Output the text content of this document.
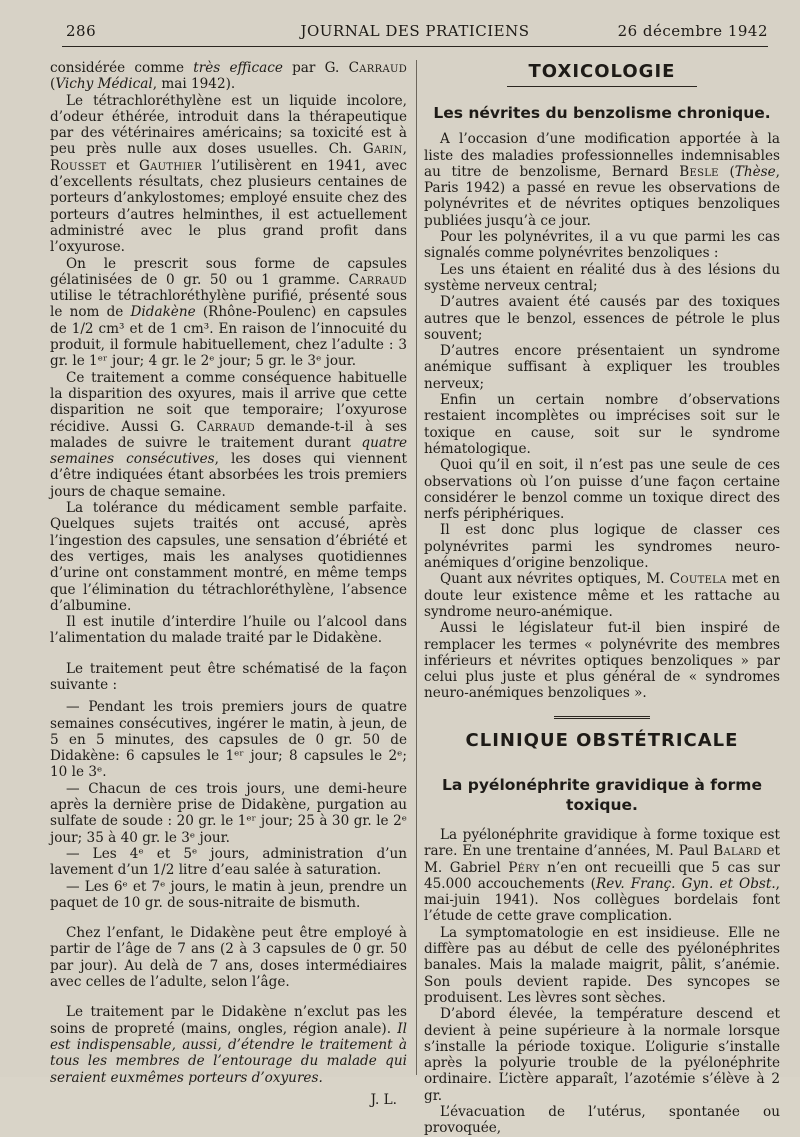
286	JOURNAL DES PRATICIENS	26 décembre 1942

considérée comme très efficace par G. Carraud (Vichy Médical, mai 1942).

Le tétrachloréthylène est un liquide incolore, d’odeur éthérée, introduit dans la thérapeutique par des vétérinaires américains; sa toxicité est à peu près nulle aux doses usuelles. Ch. Garin, Rousset et Gauthier l’utilisèrent en 1941, avec d’excellents résultats, chez plusieurs centaines de porteurs d’ankylostomes; employé ensuite chez des porteurs d’autres helminthes, il est actuellement administré avec le plus grand profit dans l’oxyurose.

On le prescrit sous forme de capsules gélatinisées de 0 gr. 50 ou 1 gramme. Carraud utilise le tétrachloréthylène purifié, présenté sous le nom de Didakène (Rhône-Poulenc) en capsules de 1/2 cm³ et de 1 cm³. En raison de l’innocuité du produit, il formule habituellement, chez l’adulte : 3 gr. le 1ᵉʳ jour; 4 gr. le 2ᵉ jour; 5 gr. le 3ᵉ jour.

Ce traitement a comme conséquence habituelle la disparition des oxyures, mais il arrive que cette disparition ne soit que temporaire; l’oxyurose récidive. Aussi G. Carraud demande-t-il à ses malades de suivre le traitement durant quatre semaines consécutives, les doses qui viennent d’être indiquées étant absorbées les trois premiers jours de chaque semaine.

La tolérance du médicament semble parfaite. Quelques sujets traités ont accusé, après l’ingestion des capsules, une sensation d’ébriété et des vertiges, mais les analyses quotidiennes d’urine ont constamment montré, en même temps que l’élimination du tétrachloréthylène, l’absence d’albumine.

Il est inutile d’interdire l’huile ou l’alcool dans l’alimentation du malade traité par le Didakène.

Le traitement peut être schématisé de la façon suivante :

— Pendant les trois premiers jours de quatre semaines consécutives, ingérer le matin, à jeun, de 5 en 5 minutes, des capsules de 0 gr. 50 de Didakène: 6 capsules le 1ᵉʳ jour; 8 capsules le 2ᵉ; 10 le 3ᵉ.

— Chacun de ces trois jours, une demi-heure après la dernière prise de Didakène, purgation au sulfate de soude : 20 gr. le 1ᵉʳ jour; 25 à 30 gr. le 2ᵉ jour; 35 à 40 gr. le 3ᵉ jour.

— Les 4ᵉ et 5ᵉ jours, administration d’un lavement d’un 1/2 litre d’eau salée à saturation.

— Les 6ᵉ et 7ᵉ jours, le matin à jeun, prendre un paquet de 10 gr. de sous-nitraite de bismuth.

Chez l’enfant, le Didakène peut être employé à partir de l’âge de 7 ans (2 à 3 capsules de 0 gr. 50 par jour). Au delà de 7 ans, doses intermédiaires avec celles de l’adulte, selon l’âge.

Le traitement par le Didakène n’exclut pas les soins de propreté (mains, ongles, région anale). Il est indispensable, aussi, d’étendre le traitement à tous les membres de l’entourage du malade qui seraient euxmêmes porteurs d’oxyures.

J. L.

TOXICOLOGIE
Les névrites du benzolisme chronique.

A l’occasion d’une modification apportée à la liste des maladies professionnelles indemnisables au titre de benzolisme, Bernard Besle (Thèse, Paris 1942) a passé en revue les observations de polynévrites et de névrites optiques benzoliques publiées jusqu’à ce jour.

Pour les polynévrites, il a vu que parmi les cas signalés comme polynévrites benzoliques :

Les uns étaient en réalité dus à des lésions du système nerveux central;

D’autres avaient été causés par des toxiques autres que le benzol, essences de pétrole le plus souvent;

D’autres encore présentaient un syndrome anémique suffisant à expliquer les troubles nerveux;

Enfin un certain nombre d’observations restaient incomplètes ou imprécises soit sur le toxique en cause, soit sur le syndrome hématologique.

Quoi qu’il en soit, il n’est pas une seule de ces observations où l’on puisse d’une façon certaine considérer le benzol comme un toxique direct des nerfs périphériques.

Il est donc plus logique de classer ces polynévrites parmi les syndromes neuro-anémiques d’origine benzolique.

Quant aux névrites optiques, M. Coutela met en doute leur existence même et les rattache au syndrome neuro-anémique.

Aussi le législateur fut-il bien inspiré de remplacer les termes « polynévrite des membres inférieurs et névrites optiques benzoliques » par celui plus juste et plus général de « syndromes neuro-anémiques benzoliques ».

CLINIQUE OBSTÉTRICALE
La pyélonéphrite gravidique à forme toxique.

La pyélonéphrite gravidique à forme toxique est rare. En une trentaine d’années, M. Paul Balard et M. Gabriel Péry n’en ont recueilli que 5 cas sur 45.000 accouchements (Rev. Franç. Gyn. et Obst., mai-juin 1941). Nos collègues bordelais font l’étude de cette grave complication.

La symptomatologie en est insidieuse. Elle ne diffère pas au début de celle des pyélonéphrites banales. Mais la malade maigrit, pâlit, s’anémie. Son pouls devient rapide. Des syncopes se produisent. Les lèvres sont sèches.

D’abord élevée, la température descend et devient à peine supérieure à la normale lorsque s’installe la période toxique. L’oligurie s’installe après la polyurie trouble de la pyélonéphrite ordinaire. L’ictère apparaît, l’azotémie s’élève à 2 gr.

L’évacuation de l’utérus, spontanée ou provoquée,
